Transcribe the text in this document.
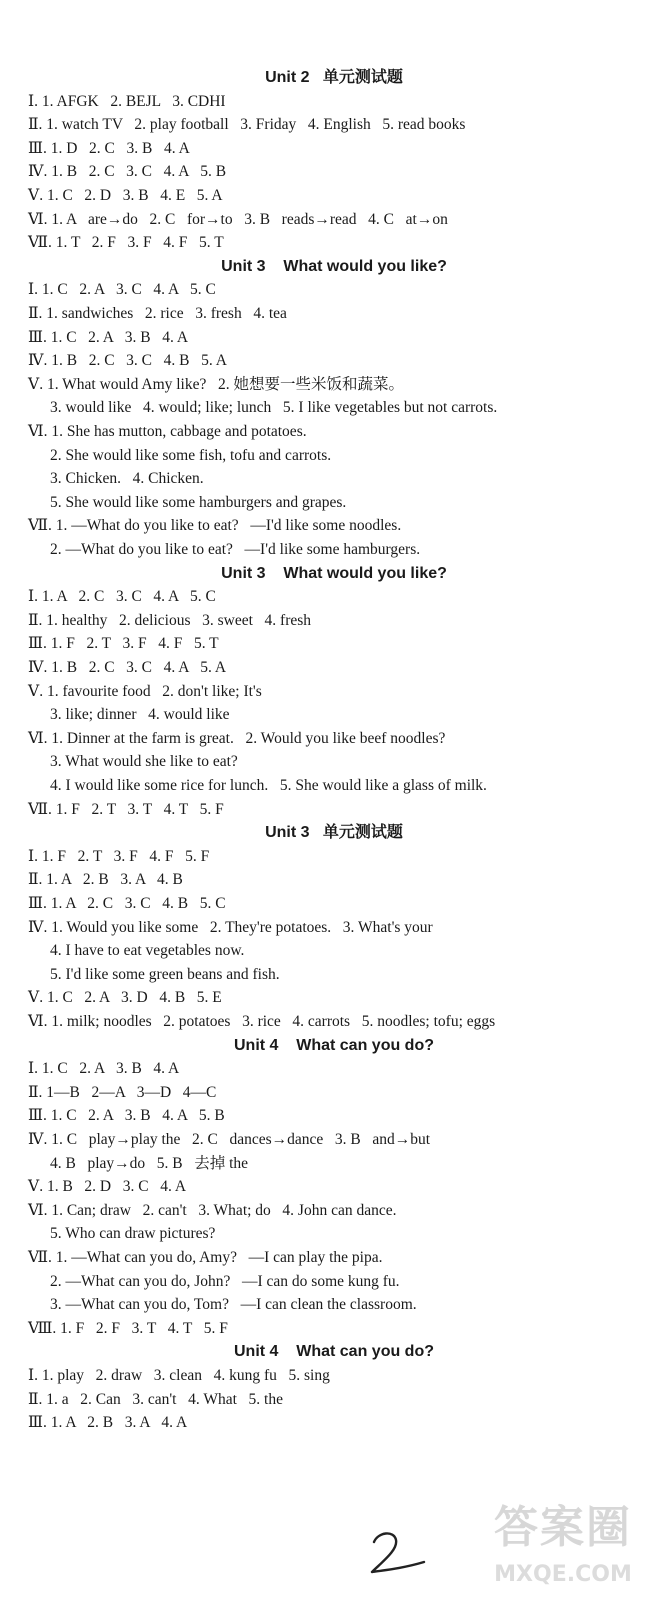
Unit 2   单元测试题
Ⅰ. 1. AFGK   2. BEJL   3. CDHI
Ⅱ. 1. watch TV   2. play football   3. Friday   4. English   5. read books
Ⅲ. 1. D   2. C   3. B   4. A
Ⅳ. 1. B   2. C   3. C   4. A   5. B
Ⅴ. 1. C   2. D   3. B   4. E   5. A
Ⅵ. 1. A   are→do   2. C   for→to   3. B   reads→read   4. C   at→on
Ⅶ. 1. T   2. F   3. F   4. F   5. T
Unit 3    What would you like?
Ⅰ. 1. C   2. A   3. C   4. A   5. C
Ⅱ. 1. sandwiches   2. rice   3. fresh   4. tea
Ⅲ. 1. C   2. A   3. B   4. A
Ⅳ. 1. B   2. C   3. C   4. B   5. A
Ⅴ. 1. What would Amy like?   2. 她想要一些米饭和蔬菜。
3. would like   4. would; like; lunch   5. I like vegetables but not carrots.
Ⅵ. 1. She has mutton, cabbage and potatoes.
2. She would like some fish, tofu and carrots.
3. Chicken.   4. Chicken.
5. She would like some hamburgers and grapes.
Ⅶ. 1. —What do you like to eat?   —I'd like some noodles.
2. —What do you like to eat?   —I'd like some hamburgers.
Unit 3    What would you like?
Ⅰ. 1. A   2. C   3. C   4. A   5. C
Ⅱ. 1. healthy   2. delicious   3. sweet   4. fresh
Ⅲ. 1. F   2. T   3. F   4. F   5. T
Ⅳ. 1. B   2. C   3. C   4. A   5. A
Ⅴ. 1. favourite food   2. don't like; It's
3. like; dinner   4. would like
Ⅵ. 1. Dinner at the farm is great.   2. Would you like beef noodles?
3. What would she like to eat?
4. I would like some rice for lunch.   5. She would like a glass of milk.
Ⅶ. 1. F   2. T   3. T   4. T   5. F
Unit 3   单元测试题
Ⅰ. 1. F   2. T   3. F   4. F   5. F
Ⅱ. 1. A   2. B   3. A   4. B
Ⅲ. 1. A   2. C   3. C   4. B   5. C
Ⅳ. 1. Would you like some   2. They're potatoes.   3. What's your
4. I have to eat vegetables now.
5. I'd like some green beans and fish.
Ⅴ. 1. C   2. A   3. D   4. B   5. E
Ⅵ. 1. milk; noodles   2. potatoes   3. rice   4. carrots   5. noodles; tofu; eggs
Unit 4    What can you do?
Ⅰ. 1. C   2. A   3. B   4. A
Ⅱ. 1—B   2—A   3—D   4—C
Ⅲ. 1. C   2. A   3. B   4. A   5. B
Ⅳ. 1. C   play→play the   2. C   dances→dance   3. B   and→but
4. B   play→do   5. B   去掉 the
Ⅴ. 1. B   2. D   3. C   4. A
Ⅵ. 1. Can; draw   2. can't   3. What; do   4. John can dance.
5. Who can draw pictures?
Ⅶ. 1. —What can you do, Amy?   —I can play the pipa.
2. —What can you do, John?   —I can do some kung fu.
3. —What can you do, Tom?   —I can clean the classroom.
Ⅷ. 1. F   2. F   3. T   4. T   5. F
Unit 4    What can you do?
Ⅰ. 1. play   2. draw   3. clean   4. kung fu   5. sing
Ⅱ. 1. a   2. Can   3. can't   4. What   5. the
Ⅲ. 1. A   2. B   3. A   4. A
答案圈
MXQE.COM
